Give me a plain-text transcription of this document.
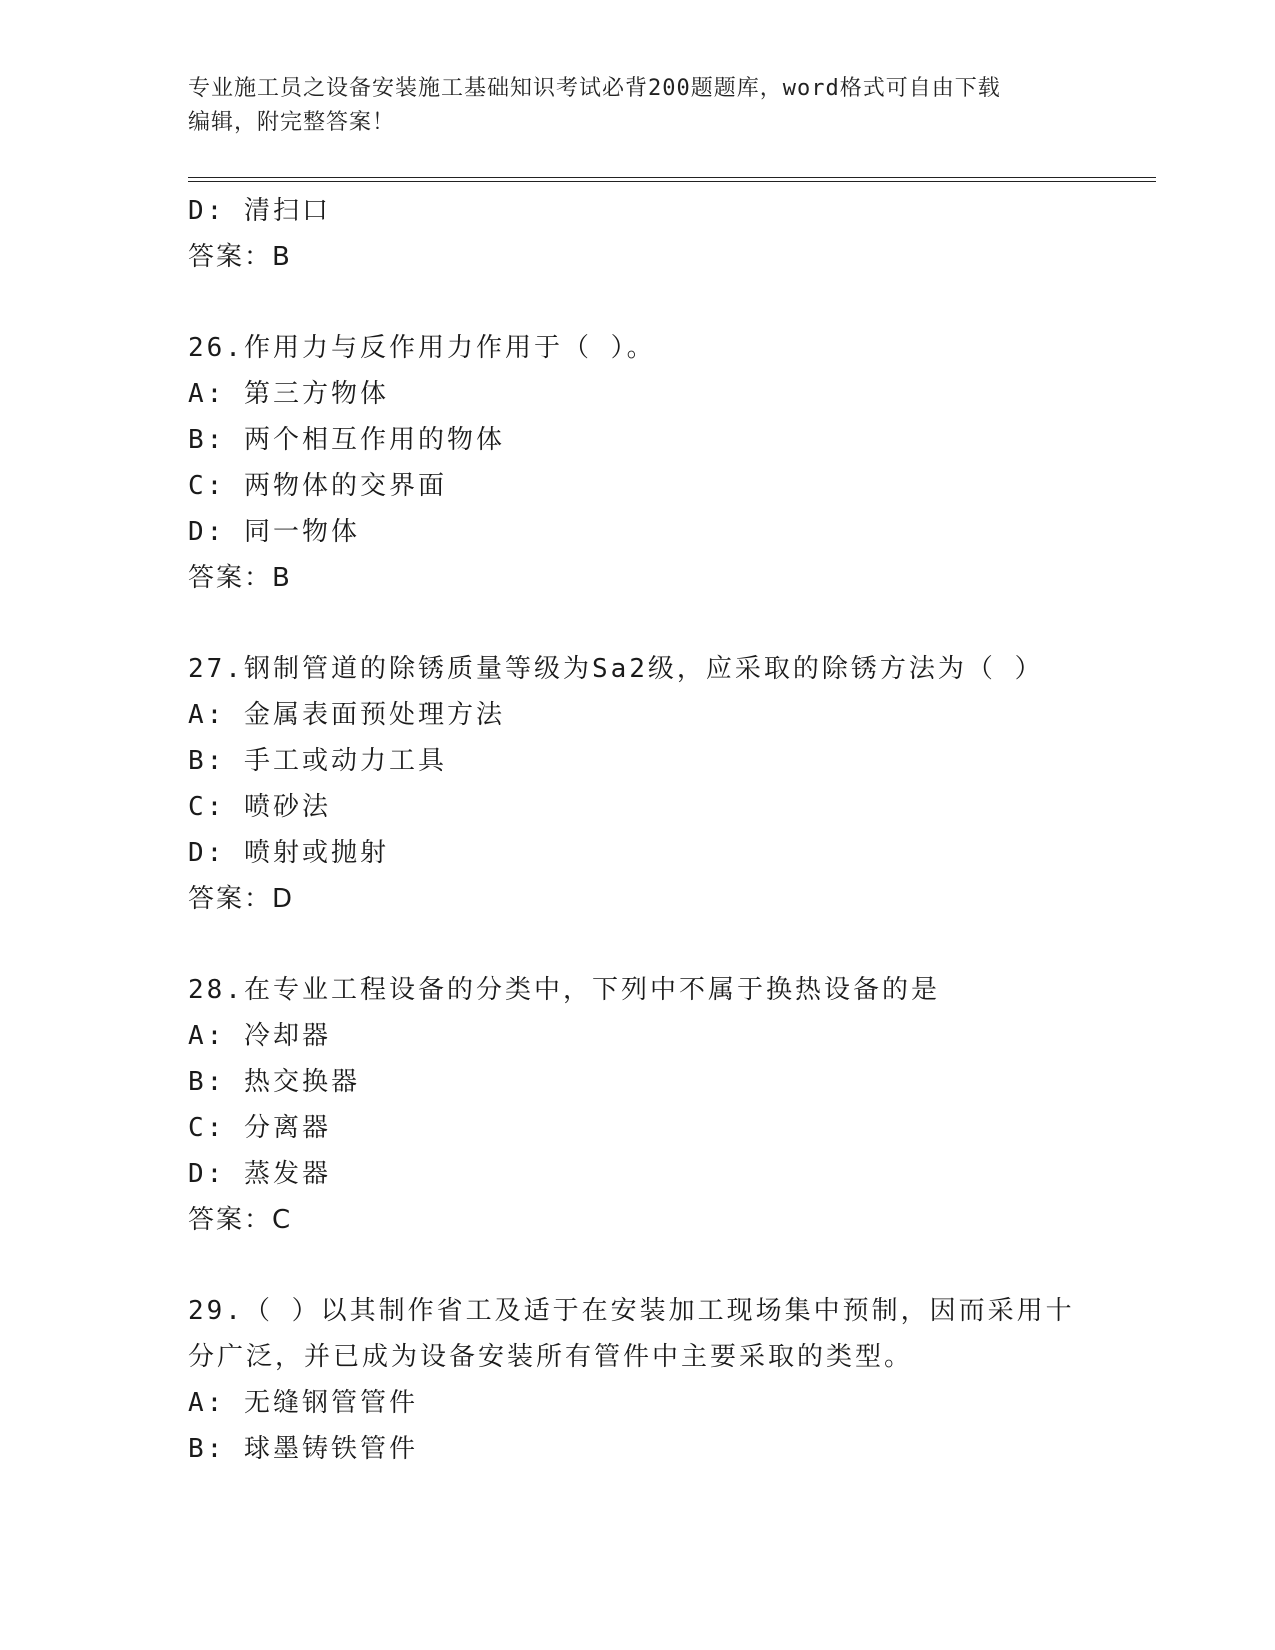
专业施工员之设备安装施工基础知识考试必背200题题库，word格式可自由下载
编辑，附完整答案！
D: 清扫口
答案：B
26.作用力与反作用力作用于（ ）。
A: 第三方物体
B: 两个相互作用的物体
C: 两物体的交界面
D: 同一物体
答案：B
27.钢制管道的除锈质量等级为Sa2级，应采取的除锈方法为（ ）
A: 金属表面预处理方法
B: 手工或动力工具
C: 喷砂法
D: 喷射或抛射
答案：D
28.在专业工程设备的分类中，下列中不属于换热设备的是
A: 冷却器
B: 热交换器
C: 分离器
D: 蒸发器
答案：C
29.（ ）以其制作省工及适于在安装加工现场集中预制，因而采用十
分广泛，并已成为设备安装所有管件中主要采取的类型。
A: 无缝钢管管件
B: 球墨铸铁管件
